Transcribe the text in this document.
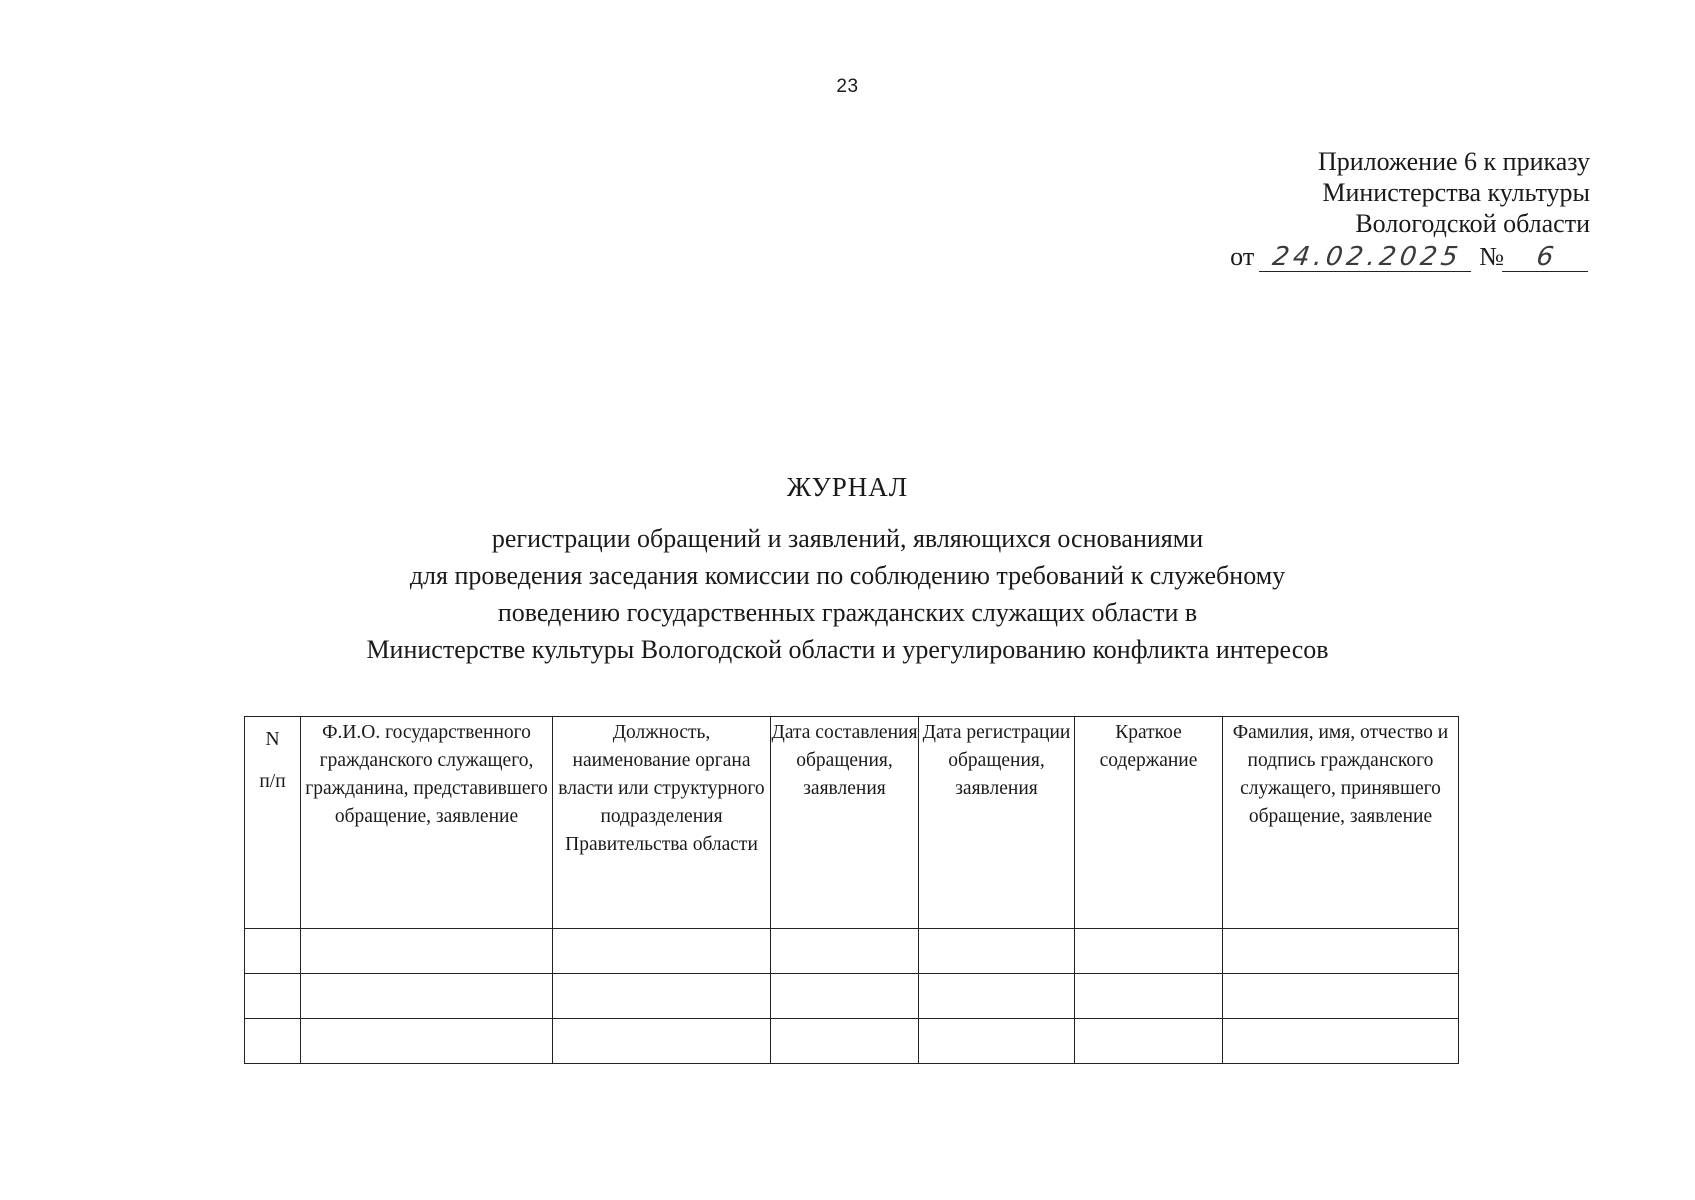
23
Приложение 6 к приказу
Министерства культуры
Вологодской области
от 24.02.2025 № 6
ЖУРНАЛ
регистрации обращений и заявлений, являющихся основаниями
для проведения заседания комиссии по соблюдению требований к служебному
поведению государственных гражданских служащих области в
Министерстве культуры Вологодской области и урегулированию конфликта интересов
N
п/п	Ф.И.О. государственного гражданского служащего, гражданина, представившего обращение, заявление	Должность, наименование органа власти или структурного подразделения Правительства области	Дата составления обращения, заявления	Дата регистрации обращения, заявления	Краткое содержание	Фамилия, имя, отчество и подпись гражданского служащего, принявшего обращение, заявление
